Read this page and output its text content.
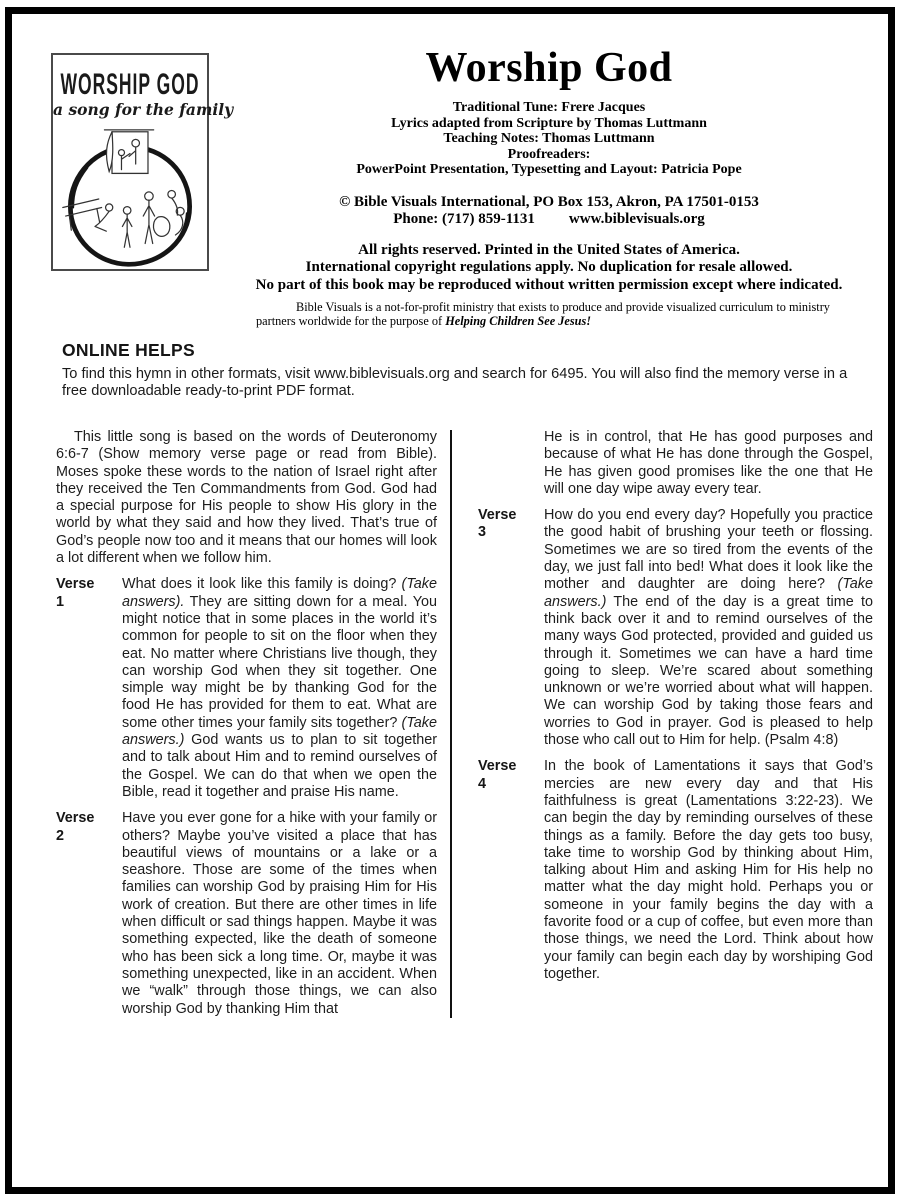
WORSHIP GOD
a song for the family
Worship God
Traditional Tune: Frere Jacques
Lyrics adapted from Scripture by Thomas Luttmann
Teaching Notes: Thomas Luttmann
Proofreaders:
PowerPoint Presentation, Typesetting and Layout: Patricia Pope
© Bible Visuals International, PO Box 153, Akron, PA 17501-0153
Phone: (717) 859-1131 www.biblevisuals.org
All rights reserved. Printed in the United States of America.
International copyright regulations apply. No duplication for resale allowed.
No part of this book may be reproduced without written permission except where indicated.

Bible Visuals is a not-for-profit ministry that exists to produce and provide visualized curriculum to ministry partners worldwide for the purpose of Helping Children See Jesus!

ONLINE HELPS

To find this hymn in other formats, visit www.biblevisuals.org and search for 6495. You will also find the memory verse in a free downloadable ready-to-print PDF format.

This little song is based on the words of Deuteronomy 6:6-7 (Show memory verse page or read from Bible). Moses spoke these words to the nation of Israel right after they received the Ten Commandments from God. God had a special purpose for His people to show His glory in the world by what they said and how they lived. That’s true of God’s people now too and it means that our homes will look a lot different when we follow him.

Verse 1
What does it look like this family is doing? (Take answers). They are sitting down for a meal. You might notice that in some places in the world it’s common for people to sit on the floor when they eat. No matter where Christians live though, they can worship God when they sit together. One simple way might be by thanking God for the food He has provided for them to eat. What are some other times your family sits together? (Take answers.) God wants us to plan to sit together and to talk about Him and to remind ourselves of the Gospel. We can do that when we open the Bible, read it together and praise His name.
Verse 2
Have you ever gone for a hike with your family or others? Maybe you’ve visited a place that has beautiful views of mountains or a lake or a seashore. Those are some of the times when families can worship God by praising Him for His work of creation. But there are other times in life when difficult or sad things happen. Maybe it was something expected, like the death of someone who has been sick a long time. Or, maybe it was something unexpected, like in an accident. When we “walk” through those things, we can also worship God by thanking Him that
He is in control, that He has good purposes and because of what He has done through the Gospel, He has given good promises like the one that He will one day wipe away every tear.
Verse 3
How do you end every day? Hopefully you practice the good habit of brushing your teeth or flossing. Sometimes we are so tired from the events of the day, we just fall into bed! What does it look like the mother and daughter are doing here? (Take answers.) The end of the day is a great time to think back over it and to remind ourselves of the many ways God protected, provided and guided us through it. Sometimes we can have a hard time going to sleep. We’re scared about something unknown or we’re worried about what will happen. We can worship God by taking those fears and worries to God in prayer. God is pleased to help those who call out to Him for help. (Psalm 4:8)
Verse 4
In the book of Lamentations it says that God’s mercies are new every day and that His faithfulness is great (Lamentations 3:22-23). We can begin the day by reminding ourselves of these things as a family. Before the day gets too busy, take time to worship God by thinking about Him, talking about Him and asking Him for His help no matter what the day might hold. Perhaps you or someone in your family begins the day with a favorite food or a cup of coffee, but even more than those things, we need the Lord. Think about how your family can begin each day by worshiping God together.
